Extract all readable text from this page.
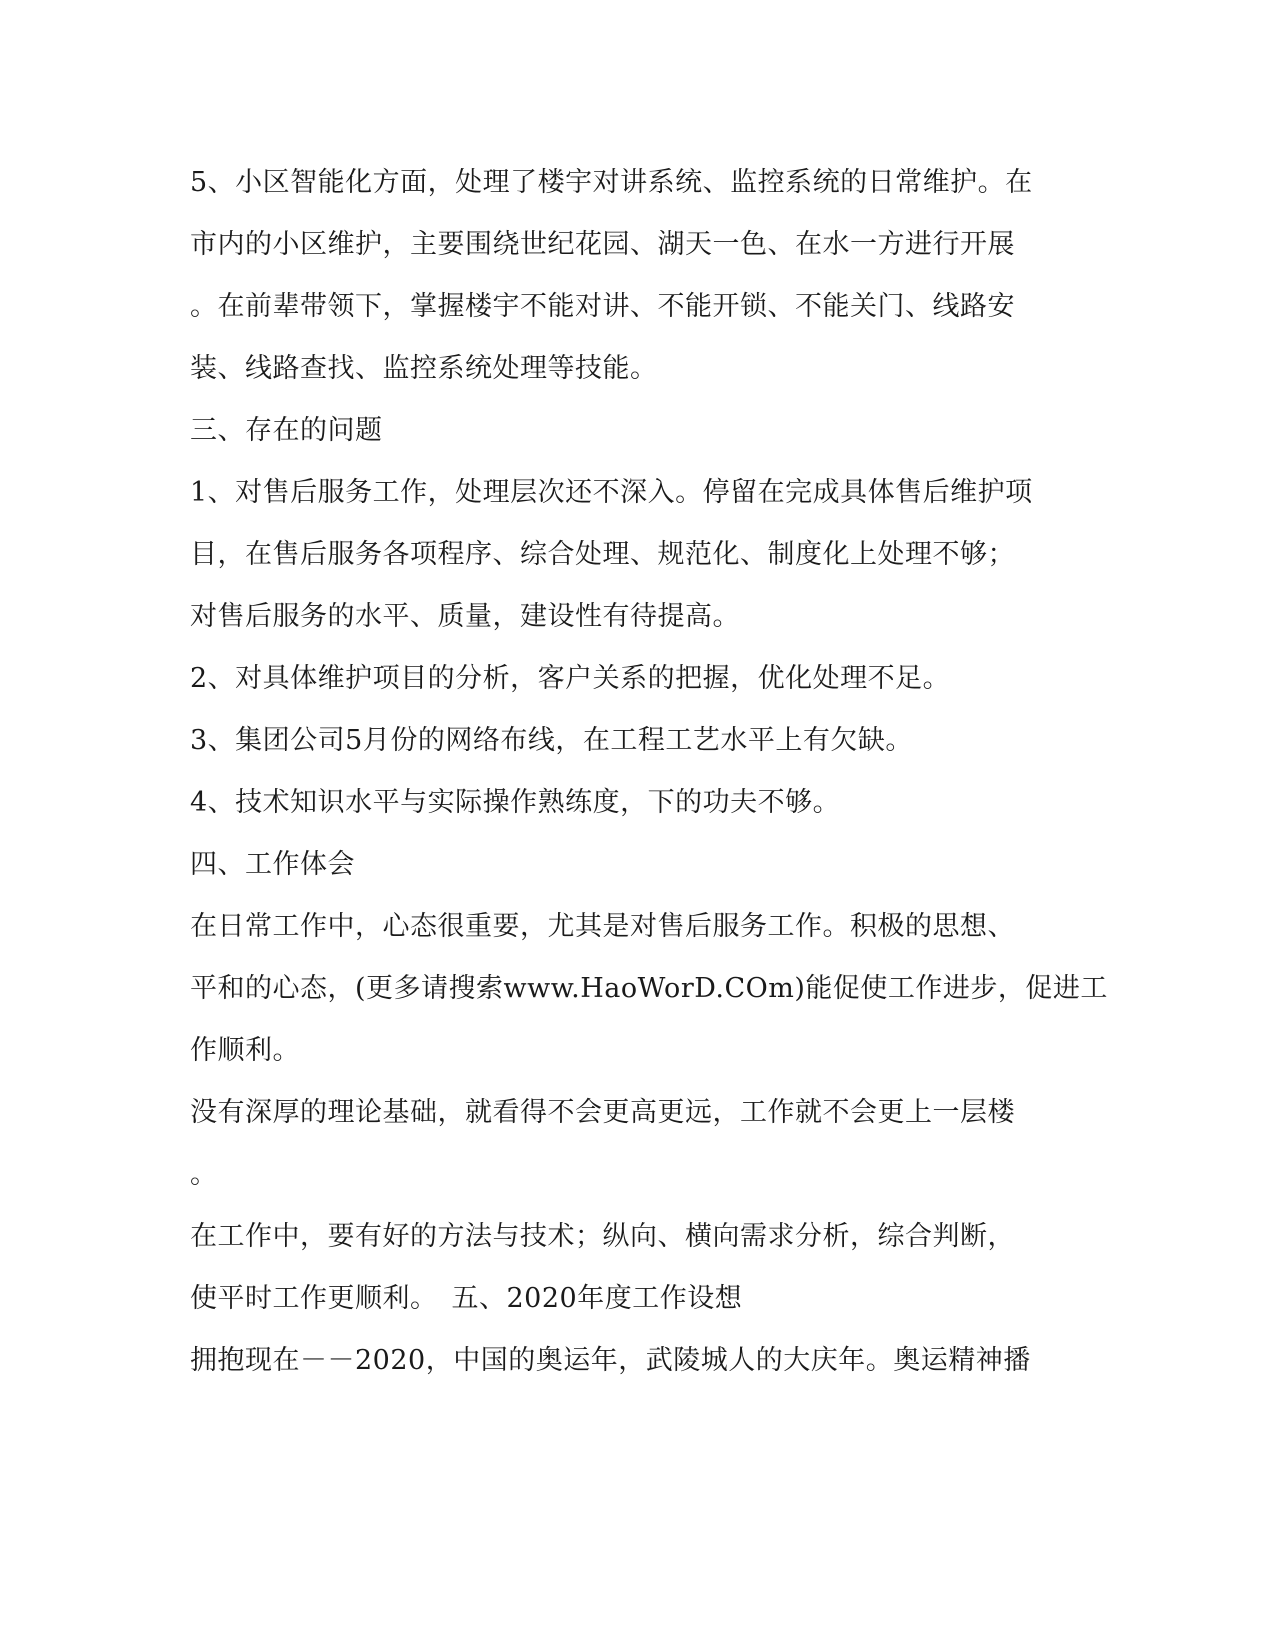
5、小区智能化方面，处理了楼宇对讲系统、监控系统的日常维护。在
市内的小区维护，主要围绕世纪花园、湖天一色、在水一方进行开展
。在前辈带领下，掌握楼宇不能对讲、不能开锁、不能关门、线路安
装、线路查找、监控系统处理等技能。
三、存在的问题
1、对售后服务工作，处理层次还不深入。停留在完成具体售后维护项
目，在售后服务各项程序、综合处理、规范化、制度化上处理不够；
对售后服务的水平、质量，建设性有待提高。
2、对具体维护项目的分析，客户关系的把握，优化处理不足。
3、集团公司5月份的网络布线，在工程工艺水平上有欠缺。
4、技术知识水平与实际操作熟练度，下的功夫不够。
四、工作体会
在日常工作中，心态很重要，尤其是对售后服务工作。积极的思想、
平和的心态，(更多请搜索www.HaoWorD.COm)能促使工作进步，促进工
作顺利。
没有深厚的理论基础，就看得不会更高更远，工作就不会更上一层楼
。
在工作中，要有好的方法与技术；纵向、横向需求分析，综合判断，
使平时工作更顺利。　五、2020年度工作设想
拥抱现在－－2020，中国的奥运年，武陵城人的大庆年。奥运精神播
